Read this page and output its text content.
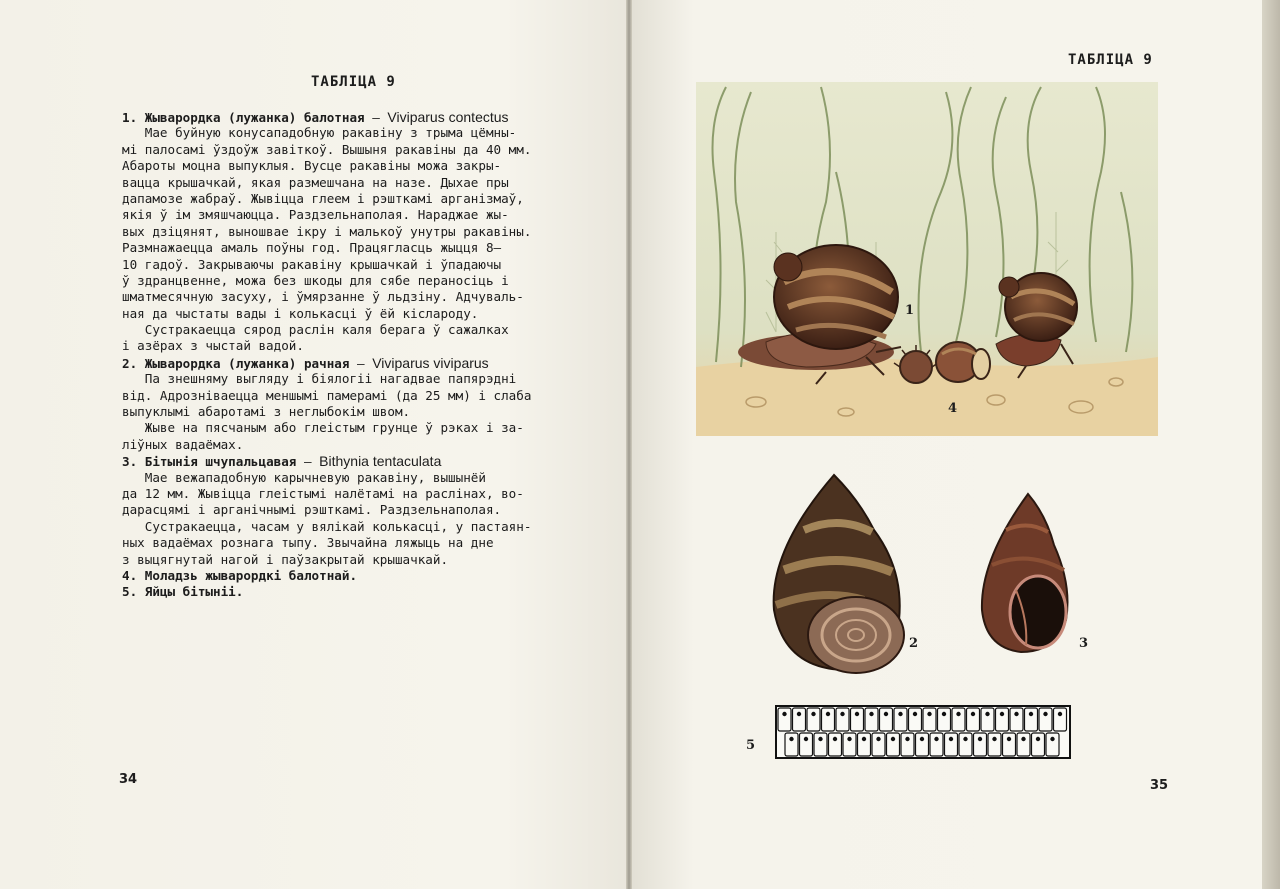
ТАБЛІЦА 9
1. Жыварордка (лужанка) балотная — Viviparus contectus
Мае буйную конусападобную ракавіну з трыма цёмны-
мі палосамі ўздоўж завіткоў. Вышыня ракавіны да 40 мм.
Абароты моцна выпуклыя. Вусце ракавіны можа закры-
вацца крышачкай, якая размешчана на назе. Дыхае пры
дапамозе жабраў. Жывіцца глеем і рэшткамі арганізмаў,
якія ў ім змяшчаюцца. Раздзельнаполая. Нараджае жы-
вых дзіцянят, выношвае ікру і малькоў унутры ракавіны.
Размнажаецца амаль поўны год. Працягласць жыцця 8—
10 гадоў. Закрываючы ракавіну крышачкай і ўпадаючы
ў здранцвенне, можа без шкоды для сябе пераносіць і
шматмесячную засуху, і ўмярзанне ў льдзіну. Адчуваль-
ная да чыстаты вады і колькасці ў ёй кіслароду.
Сустракаецца сярод раслін каля берага ў сажалках
і азёрах з чыстай вадой.
2. Жыварордка (лужанка) рачная — Viviparus viviparus
Па знешняму выгляду і біялогіі нагадвае папярэдні
від. Адрозніваецца меншымі памерамі (да 25 мм) і слаба
выпуклымі абаротамі з неглыбокім швом.
Жыве на пясчаным або глеістым грунце ў рэках і за-
ліўных вадаёмах.
3. Бітынія шчупальцавая — Bithynia tentaculata
Мае вежападобную карычневую ракавіну, вышынёй
да 12 мм. Жывіцца глеістымі налётамі на раслінах, во-
дарасцямі і арганічнымі рэшткамі. Раздзельнаполая.
Сустракаецца, часам у вялікай колькасці, у пастаян-
ных вадаёмах рознага тыпу. Звычайна ляжыць на дне
з выцягнутай нагой і паўзакрытай крышачкай.
4. Моладзь жыварордкі балотнай.
5. Яйцы бітыніі.
34
ТАБЛІЦА 9
1
4
2	3
5
35
